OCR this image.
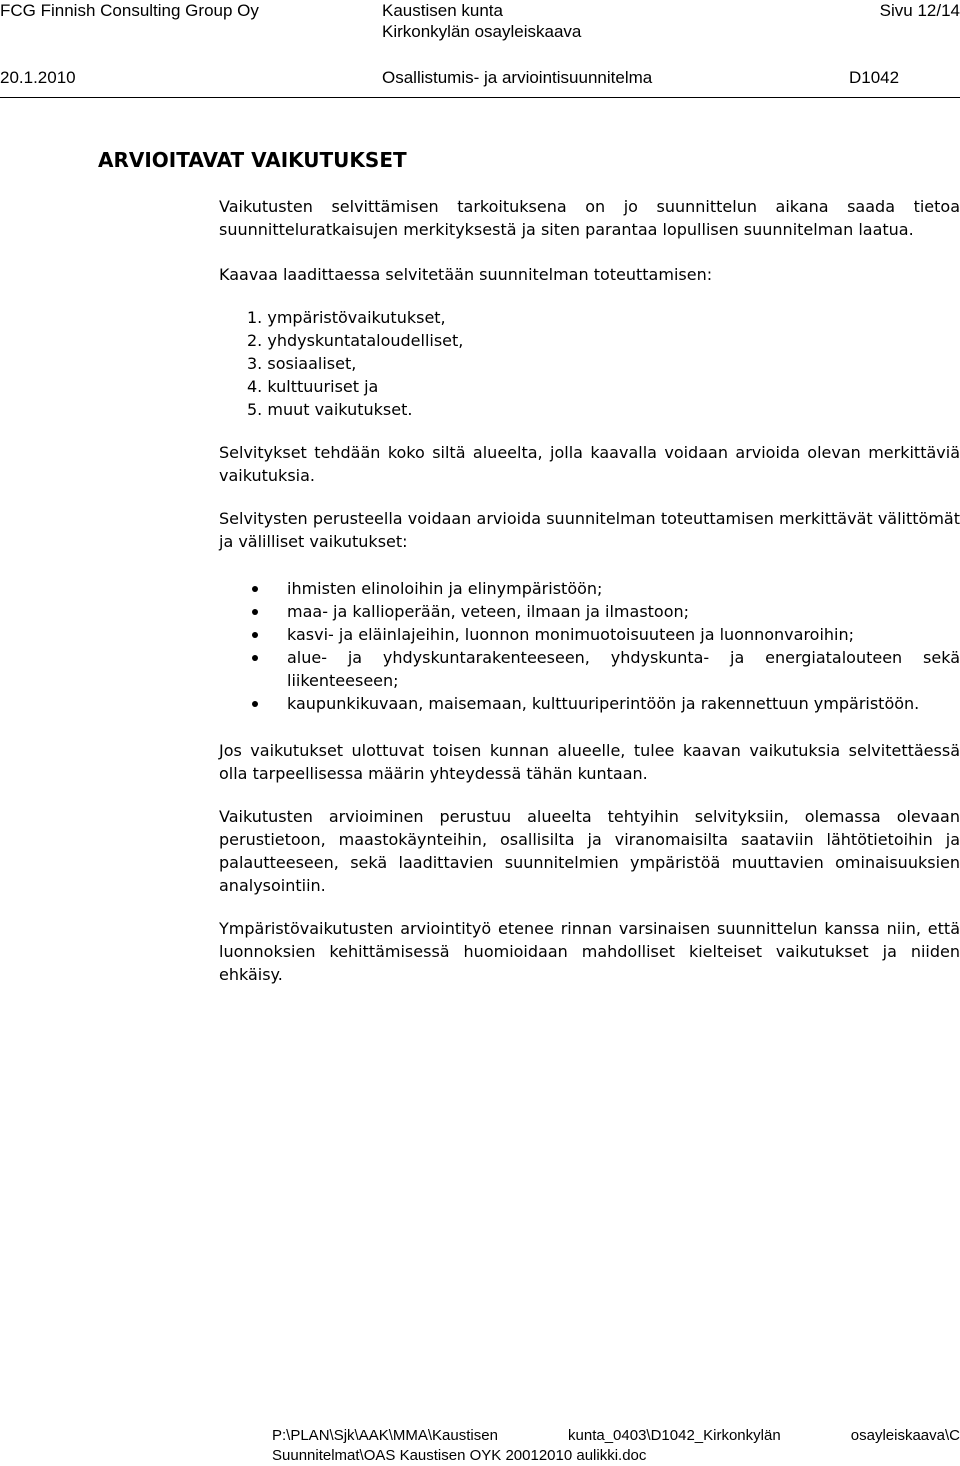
FCG Finnish Consulting Group Oy	Kaustisen kunta
Kirkonkylän osayleiskaava
Sivu 12/14
20.1.2010	Osallistumis- ja arviointisuunnitelma	D1042
ARVIOITAVAT VAIKUTUKSET

Vaikutusten selvittämisen tarkoituksena on jo suunnittelun aikana saada tietoa suunnitteluratkaisujen merkityksestä ja siten parantaa lopullisen suunnitelman laatua.

Kaavaa laadittaessa selvitetään suunnitelman toteuttamisen:

1. ympäristövaikutukset,
2. yhdyskuntataloudelliset,
3. sosiaaliset,
4. kulttuuriset ja
5. muut vaikutukset.

Selvitykset tehdään koko siltä alueelta, jolla kaavalla voidaan arvioida olevan merkittäviä vaikutuksia.

Selvitysten perusteella voidaan arvioida suunnitelman toteuttamisen merkittävät välittömät ja välilliset vaikutukset:

ihmisten elinoloihin ja elinympäristöön;
maa- ja kallioperään, veteen, ilmaan ja ilmastoon;
kasvi- ja eläinlajeihin, luonnon monimuotoisuuteen ja luonnonvaroihin;
alue- ja yhdyskuntarakenteeseen, yhdyskunta- ja energiatalouteen sekä liikenteeseen;
kaupunkikuvaan, maisemaan, kulttuuriperintöön ja rakennettuun ympäristöön.

Jos vaikutukset ulottuvat toisen kunnan alueelle, tulee kaavan vaikutuksia selvitettäessä olla tarpeellisessa määrin yhteydessä tähän kuntaan.

Vaikutusten arvioiminen perustuu alueelta tehtyihin selvityksiin, olemassa olevaan perustietoon, maastokäynteihin, osallisilta ja viranomaisilta saataviin lähtötietoihin ja palautteeseen, sekä laadittavien suunnitelmien ympäristöä muuttavien ominaisuuksien analysointiin.

Ympäristövaikutusten arviointityö etenee rinnan varsinaisen suunnittelun kanssa niin, että luonnoksien kehittämisessä huomioidaan mahdolliset kielteiset vaikutukset ja niiden ehkäisy.

P:\PLAN\Sjk\AAK\MMA\Kaustisen	kunta_0403\D1042_Kirkonkylän	osayleiskaava\C
Suunnitelmat\OAS Kaustisen OYK 20012010 aulikki.doc
